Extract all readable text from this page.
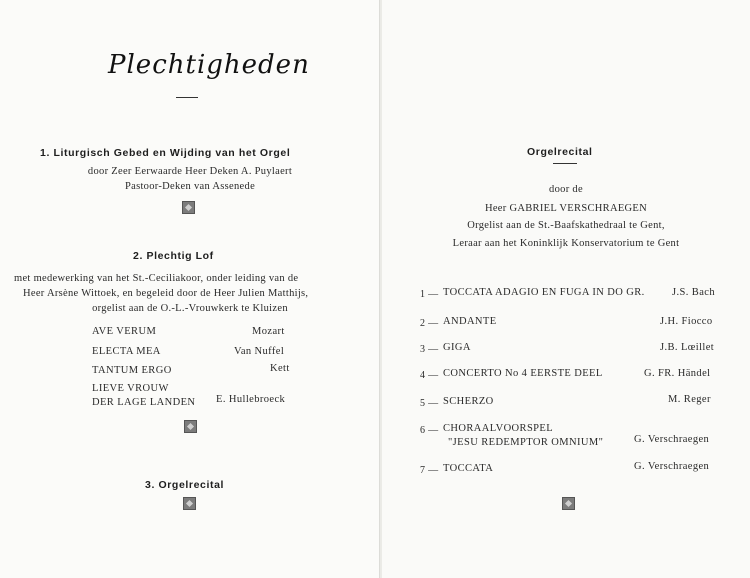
Plechtigheden
1. Liturgisch Gebed en Wijding van het Orgel
door Zeer Eerwaarde Heer Deken A. Puylaert
Pastoor-Deken van Assenede
2. Plechtig Lof
met medewerking van het St.-Ceciliakoor, onder leiding van de
Heer Arsène Wittoek, en begeleid door de Heer Julien Matthijs,
orgelist aan de O.-L.-Vrouwkerk te Kluizen
AVE VERUM	Mozart
ELECTA MEA	Van Nuffel
TANTUM ERGO	Kett
LIEVE VROUW
DER LAGE LANDEN E. Hullebroeck
3. Orgelrecital
Orgelrecital
door de
Heer GABRIEL VERSCHRAEGEN
Orgelist aan de St.-Baafskathedraal te Gent,
Leraar aan het Koninklijk Konservatorium te Gent
1 — TOCCATA ADAGIO EN FUGA IN DO GR.	J.S. Bach
2 — ANDANTE	J.H. Fiocco
3 — GIGA	J.B. Lœillet
4 — CONCERTO No 4 EERSTE DEEL	G. FR. Händel
5 — SCHERZO	M. Reger
6 — CHORAALVOORSPEL
"JESU REDEMPTOR OMNIUM"	G. Verschraegen
7 — TOCCATA	G. Verschraegen
